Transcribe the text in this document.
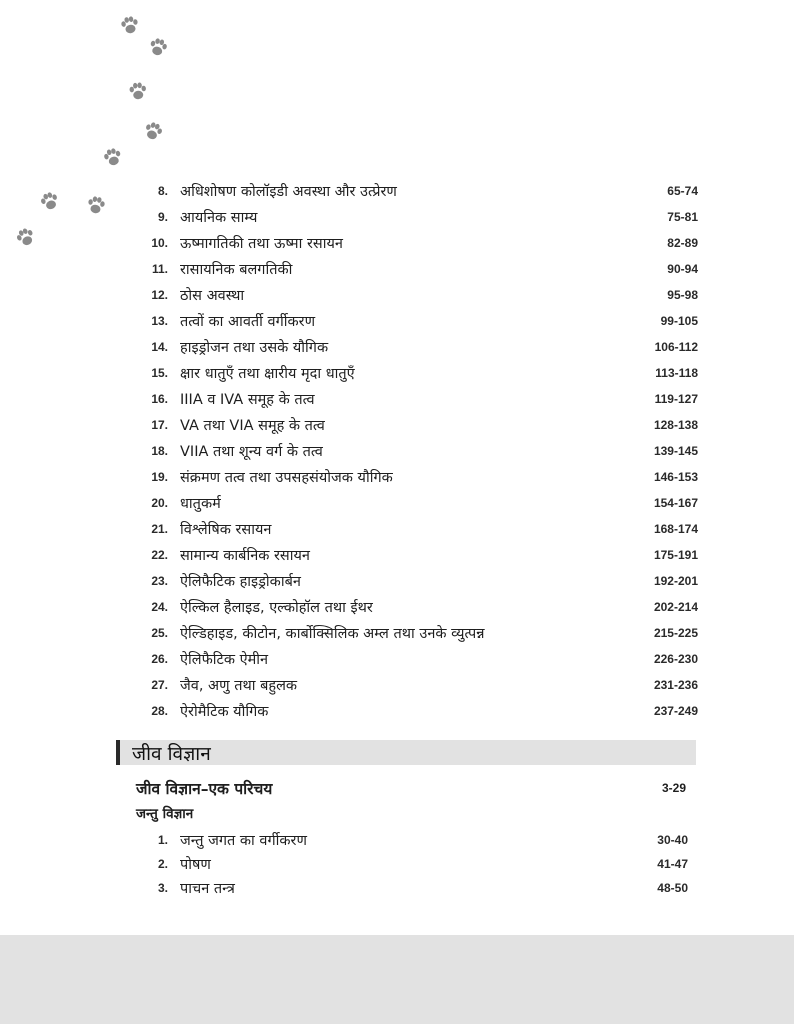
8. अधिशोषण कोलॉइडी अवस्था और उत्प्रेरण	65-74
9. आयनिक साम्य	75-81
10. ऊष्मागतिकी तथा ऊष्मा रसायन	82-89
11. रासायनिक बलगतिकी	90-94
12. ठोस अवस्था	95-98
13. तत्वों का आवर्ती वर्गीकरण	99-105
14. हाइड्रोजन तथा उसके यौगिक	106-112
15. क्षार धातुएँ तथा क्षारीय मृदा धातुएँ	113-118
16. IIIA व IVA समूह के तत्व	119-127
17. VA तथा VIA समूह के तत्व	128-138
18. VIIA तथा शून्य वर्ग के तत्व	139-145
19. संक्रमण तत्व तथा उपसहसंयोजक यौगिक	146-153
20. धातुकर्म	154-167
21. विश्लेषिक रसायन	168-174
22. सामान्य कार्बनिक रसायन	175-191
23. ऐलिफैटिक हाइड्रोकार्बन	192-201
24. ऐल्किल हैलाइड, एल्कोहॉल तथा ईथर	202-214
25. ऐल्डिहाइड, कीटोन, कार्बोक्सिलिक अम्ल तथा उनके व्युत्पन्न	215-225
26. ऐलिफैटिक ऐमीन	226-230
27. जैव, अणु तथा बहुलक	231-236
28. ऐरोमैटिक यौगिक	237-249
जीव विज्ञान
जीव विज्ञान–एक परिचय	3-29
जन्तु विज्ञान
1. जन्तु जगत का वर्गीकरण	30-40
2. पोषण	41-47
3. पाचन तन्त्र	48-50
